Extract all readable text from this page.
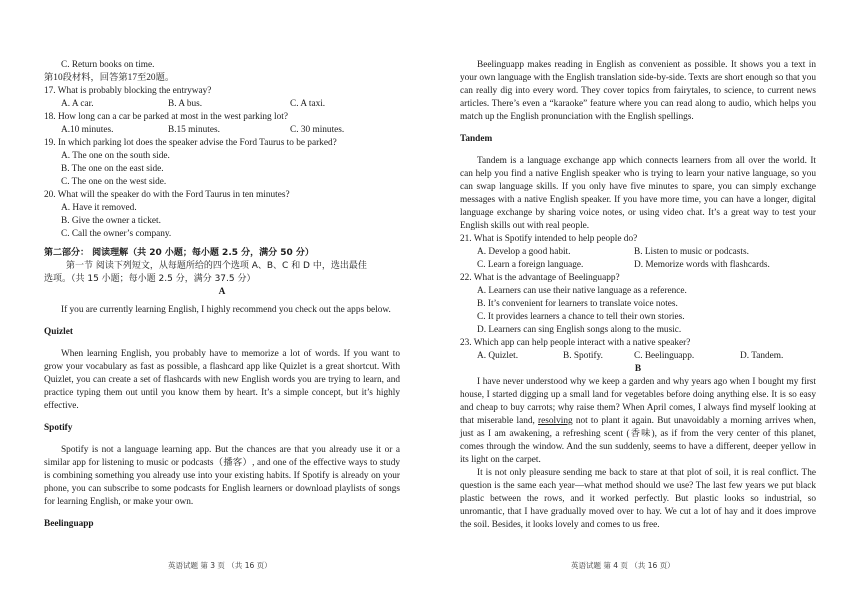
C. Return books on time.
第10段材料，回答第17至20题。
17. What is probably blocking the entryway?
A. A car.	B. A bus.	C. A taxi.
18. How long can a car be parked at most in the west parking lot?
A.10 minutes.	B.15 minutes.	C. 30 minutes.
19. In which parking lot does the speaker advise the Ford Taurus to be parked?
A. The one on the south side.
B. The one on the east side.
C. The one on the west side.
20. What will the speaker do with the Ford Taurus in ten minutes?
A. Have it removed.
B. Give the owner a ticket.
C. Call the owner’s company.
第二部分： 阅读理解（共 20 小题；每小题 2.5 分，满分 50 分）
第一节 阅读下列短文，从每题所给的四个选项 A、B、C 和 D 中，选出最佳
选项。（共 15 小题；每小题 2.5 分，满分 37.5 分）
A

If you are currently learning English, I highly recommend you check out the apps below.

Quizlet

When learning English, you probably have to memorize a lot of words. If you want to grow your vocabulary as fast as possible, a flashcard app like Quizlet is a great shortcut. With Quizlet, you can create a set of flashcards with new English words you are trying to learn, and practice typing them out until you know them by heart. It’s a simple concept, but it’s highly effective.

Spotify

Spotify is not a language learning app. But the chances are that you already use it or a similar app for listening to music or podcasts（播客）, and one of the effective ways to study is combining something you already use into your existing habits. If Spotify is already on your phone, you can subscribe to some podcasts for English learners or download playlists of songs for learning English, or make your own.

Beelinguapp

Beelinguapp makes reading in English as convenient as possible. It shows you a text in your own language with the English translation side-by-side. Texts are short enough so that you can really dig into every word. They cover topics from fairytales, to science, to current news articles. There’s even a “karaoke” feature where you can read along to audio, which helps you match up the English pronunciation with the English spellings.

Tandem

Tandem is a language exchange app which connects learners from all over the world. It can help you find a native English speaker who is trying to learn your native language, so you can swap language skills. If you only have five minutes to spare, you can simply exchange messages with a native English speaker. If you have more time, you can have a longer, digital language exchange by sharing voice notes, or using video chat. It’s a great way to test your English skills out with real people.

21. What is Spotify intended to help people do?
A. Develop a good habit.	B. Listen to music or podcasts.
C. Learn a foreign language.	D. Memorize words with flashcards.
22. What is the advantage of Beelinguapp?
A. Learners can use their native language as a reference.
B. It’s convenient for learners to translate voice notes.
C. It provides learners a chance to tell their own stories.
D. Learners can sing English songs along to the music.
23. Which app can help people interact with a native speaker?
A. Quizlet.	B. Spotify.	C. Beelinguapp.	D. Tandem.
B

I have never understood why we keep a garden and why years ago when I bought my first house, I started digging up a small land for vegetables before doing anything else. It is so easy and cheap to buy carrots; why raise them? When April comes, I always find myself looking at that miserable land, resolving not to plant it again. But unavoidably a morning arrives when, just as I am awakening, a refreshing scent (香味), as if from the very center of this planet, comes through the window. And the sun suddenly, seems to have a different, deeper yellow in its light on the carpet.

It is not only pleasure sending me back to stare at that plot of soil, it is real conflict. The question is the same each year—what method should we use? The last few years we put black plastic between the rows, and it worked perfectly. But plastic looks so industrial, so unromantic, that I have gradually moved over to hay. We cut a lot of hay and it does improve the soil. Besides, it looks lovely and comes to us free.

英语试题 第 3 页 （共 16 页）	英语试题 第 4 页 （共 16 页）
